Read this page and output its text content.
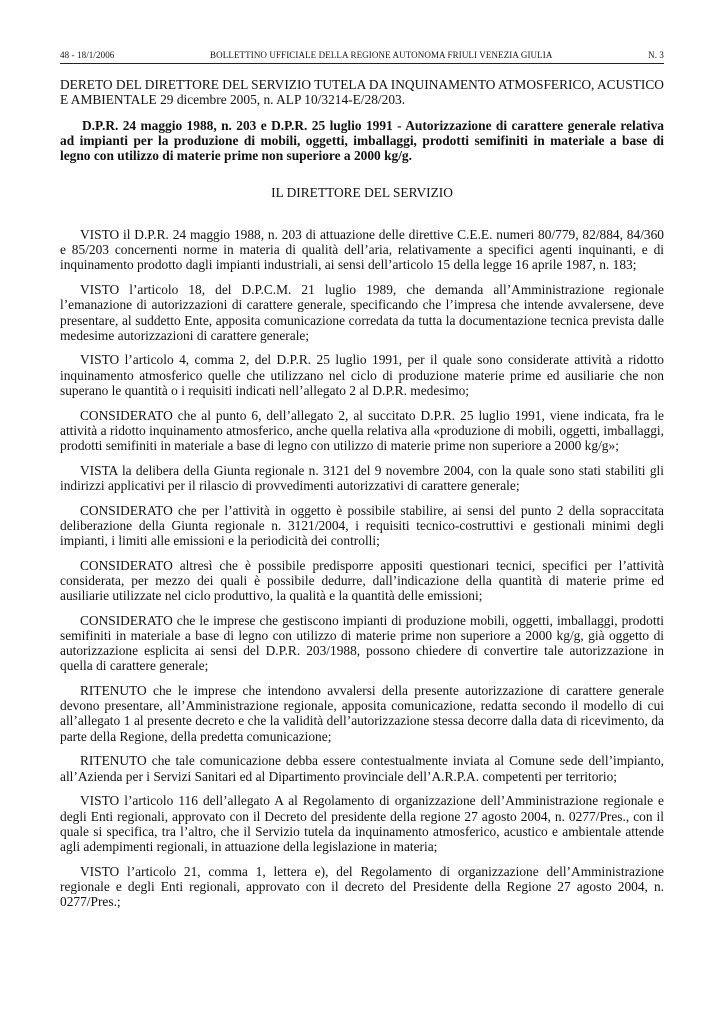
48 - 18/1/2006	BOLLETTINO UFFICIALE DELLA REGIONE AUTONOMA FRIULI VENEZIA GIULIA	N. 3
DERETO DEL DIRETTORE DEL SERVIZIO TUTELA DA INQUINAMENTO ATMOSFERICO, ACUSTICO E AMBIENTALE 29 dicembre 2005, n. ALP 10/3214-E/28/203.

D.P.R. 24 maggio 1988, n. 203 e D.P.R. 25 luglio 1991 - Autorizzazione di carattere generale relativa ad impianti per la produzione di mobili, oggetti, imballaggi, prodotti semifiniti in materiale a base di legno con utilizzo di materie prime non superiore a 2000 kg/g.

IL DIRETTORE DEL SERVIZIO

VISTO il D.P.R. 24 maggio 1988, n. 203 di attuazione delle direttive C.E.E. numeri 80/779, 82/884, 84/360 e 85/203 concernenti norme in materia di qualità dell’aria, relativamente a specifici agenti inquinanti, e di inquinamento prodotto dagli impianti industriali, ai sensi dell’articolo 15 della legge 16 aprile 1987, n. 183;

VISTO l’articolo 18, del D.P.C.M. 21 luglio 1989, che demanda all’Amministrazione regionale l’emanazione di autorizzazioni di carattere generale, specificando che l’impresa che intende avvalersene, deve presentare, al suddetto Ente, apposita comunicazione corredata da tutta la documentazione tecnica prevista dalle medesime autorizzazioni di carattere generale;

VISTO l’articolo 4, comma 2, del D.P.R. 25 luglio 1991, per il quale sono considerate attività a ridotto inquinamento atmosferico quelle che utilizzano nel ciclo di produzione materie prime ed ausiliarie che non superano le quantità o i requisiti indicati nell’allegato 2 al D.P.R. medesimo;

CONSIDERATO che al punto 6, dell’allegato 2, al succitato D.P.R. 25 luglio 1991, viene indicata, fra le attività a ridotto inquinamento atmosferico, anche quella relativa alla «produzione di mobili, oggetti, imballaggi, prodotti semifiniti in materiale a base di legno con utilizzo di materie prime non superiore a 2000 kg/g»;

VISTA la delibera della Giunta regionale n. 3121 del 9 novembre 2004, con la quale sono stati stabiliti gli indirizzi applicativi per il rilascio di provvedimenti autorizzativi di carattere generale;

CONSIDERATO che per l’attività in oggetto è possibile stabilire, ai sensi del punto 2 della sopraccitata deliberazione della Giunta regionale n. 3121/2004, i requisiti tecnico-costruttivi e gestionali minimi degli impianti, i limiti alle emissioni e la periodicità dei controlli;

CONSIDERATO altresì che è possibile predisporre appositi questionari tecnici, specifici per l’attività considerata, per mezzo dei quali è possibile dedurre, dall’indicazione della quantità di materie prime ed ausiliarie utilizzate nel ciclo produttivo, la qualità e la quantità delle emissioni;

CONSIDERATO che le imprese che gestiscono impianti di produzione mobili, oggetti, imballaggi, prodotti semifiniti in materiale a base di legno con utilizzo di materie prime non superiore a 2000 kg/g, già oggetto di autorizzazione esplicita ai sensi del D.P.R. 203/1988, possono chiedere di convertire tale autorizzazione in quella di carattere generale;

RITENUTO che le imprese che intendono avvalersi della presente autorizzazione di carattere generale devono presentare, all’Amministrazione regionale, apposita comunicazione, redatta secondo il modello di cui all’allegato 1 al presente decreto e che la validità dell’autorizzazione stessa decorre dalla data di ricevimento, da parte della Regione, della predetta comunicazione;

RITENUTO che tale comunicazione debba essere contestualmente inviata al Comune sede dell’impianto, all’Azienda per i Servizi Sanitari ed al Dipartimento provinciale dell’A.R.P.A. competenti per territorio;

VISTO l’articolo 116 dell’allegato A al Regolamento di organizzazione dell’Amministrazione regionale e degli Enti regionali, approvato con il Decreto del presidente della regione 27 agosto 2004, n. 0277/Pres., con il quale si specifica, tra l’altro, che il Servizio tutela da inquinamento atmosferico, acustico e ambientale attende agli adempimenti regionali, in attuazione della legislazione in materia;

VISTO l’articolo 21, comma 1, lettera e), del Regolamento di organizzazione dell’Amministrazione regionale e degli Enti regionali, approvato con il decreto del Presidente della Regione 27 agosto 2004, n. 0277/Pres.;
